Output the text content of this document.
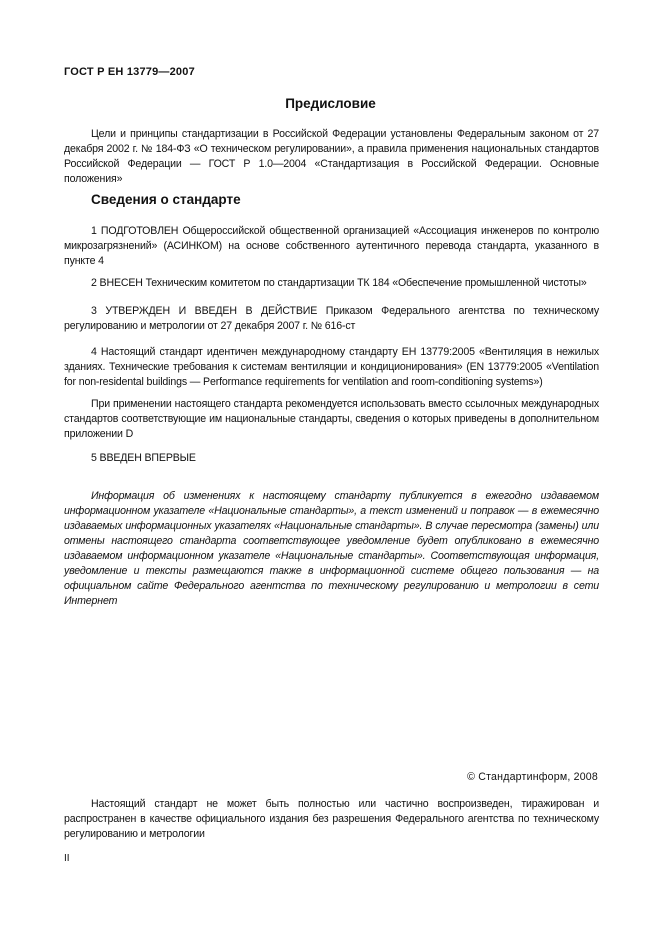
ГОСТ Р ЕН 13779—2007
Предисловие

Цели и принципы стандартизации в Российской Федерации установлены Федеральным законом от 27 декабря 2002 г. № 184-ФЗ «О техническом регулировании», а правила применения национальных стандартов Российской Федерации — ГОСТ Р 1.0—2004 «Стандартизация в Российской Федерации. Основные положения»

Сведения о стандарте

1 ПОДГОТОВЛЕН Общероссийской общественной организацией «Ассоциация инженеров по контролю микрозагрязнений» (АСИНКОМ) на основе собственного аутентичного перевода стандарта, указанного в пункте 4

2 ВНЕСЕН Техническим комитетом по стандартизации ТК 184 «Обеспечение промышленной чистоты»

3 УТВЕРЖДЕН И ВВЕДЕН В ДЕЙСТВИЕ Приказом Федерального агентства по техническому регулированию и метрологии от 27 декабря 2007 г. № 616-ст

4 Настоящий стандарт идентичен международному стандарту ЕН 13779:2005 «Вентиляция в нежилых зданиях. Технические требования к системам вентиляции и кондиционирования» (EN 13779:2005 «Ventilation for non-residental buildings — Performance requirements for ventilation and room-conditioning systems»)

При применении настоящего стандарта рекомендуется использовать вместо ссылочных международных стандартов соответствующие им национальные стандарты, сведения о которых приведены в дополнительном приложении D

5 ВВЕДЕН ВПЕРВЫЕ

Информация об изменениях к настоящему стандарту публикуется в ежегодно издаваемом информационном указателе «Национальные стандарты», а текст изменений и поправок — в ежемесячно издаваемых информационных указателях «Национальные стандарты». В случае пересмотра (замены) или отмены настоящего стандарта соответствующее уведомление будет опубликовано в ежемесячно издаваемом информационном указателе «Национальные стандарты». Соответствующая информация, уведомление и тексты размещаются также в информационной системе общего пользования — на официальном сайте Федерального агентства по техническому регулированию и метрологии в сети Интернет

© Стандартинформ, 2008

Настоящий стандарт не может быть полностью или частично воспроизведен, тиражирован и распространен в качестве официального издания без разрешения Федерального агентства по техническому регулированию и метрологии

II
